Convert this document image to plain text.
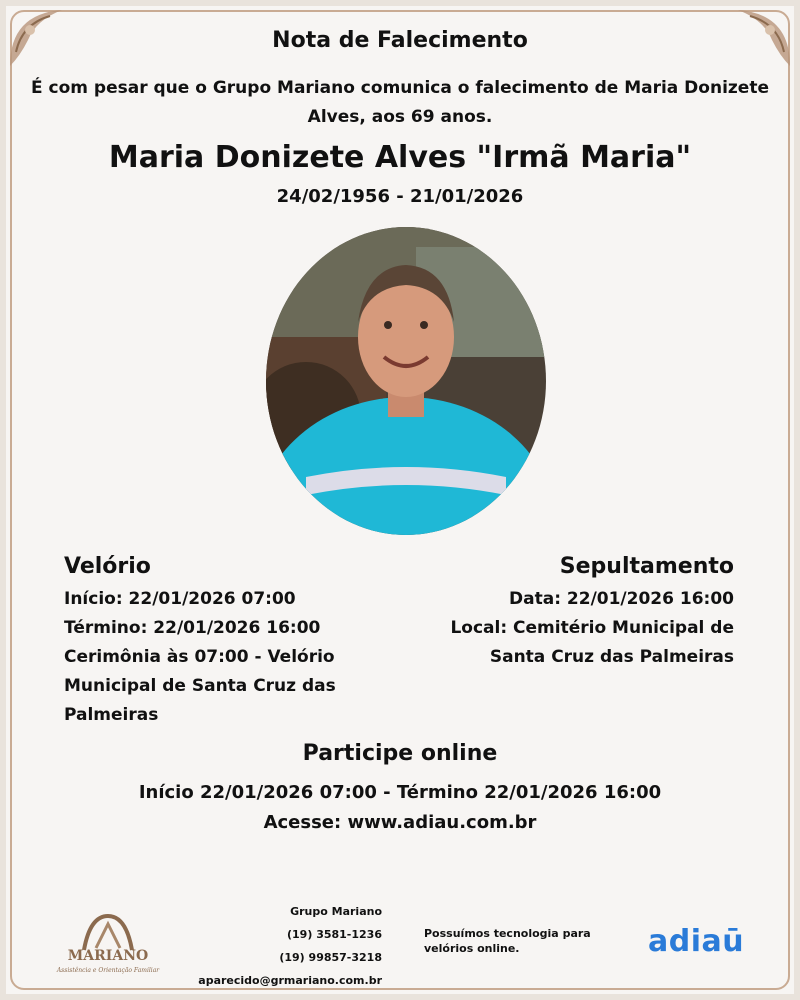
Nota de Falecimento
É com pesar que o Grupo Mariano comunica o falecimento de Maria Donizete Alves, aos 69 anos.
Maria Donizete Alves "Irmã Maria"
24/02/1956 - 21/01/2026
Velório
Início: 22/01/2026 07:00
Término: 22/01/2026 16:00
Cerimônia às 07:00 - Velório Municipal de Santa Cruz das Palmeiras
Sepultamento
Data: 22/01/2026 16:00
Local: Cemitério Municipal de Santa Cruz das Palmeiras
Participe online
Início 22/01/2026 07:00 - Término 22/01/2026 16:00
Acesse: www.adiau.com.br
MARIANO
Assistência e Orientação Familiar
Grupo Mariano
(19) 3581-1236
(19) 99857-3218
aparecido@grmariano.com.br
Possuímos tecnologia para velórios online.	adiaū
